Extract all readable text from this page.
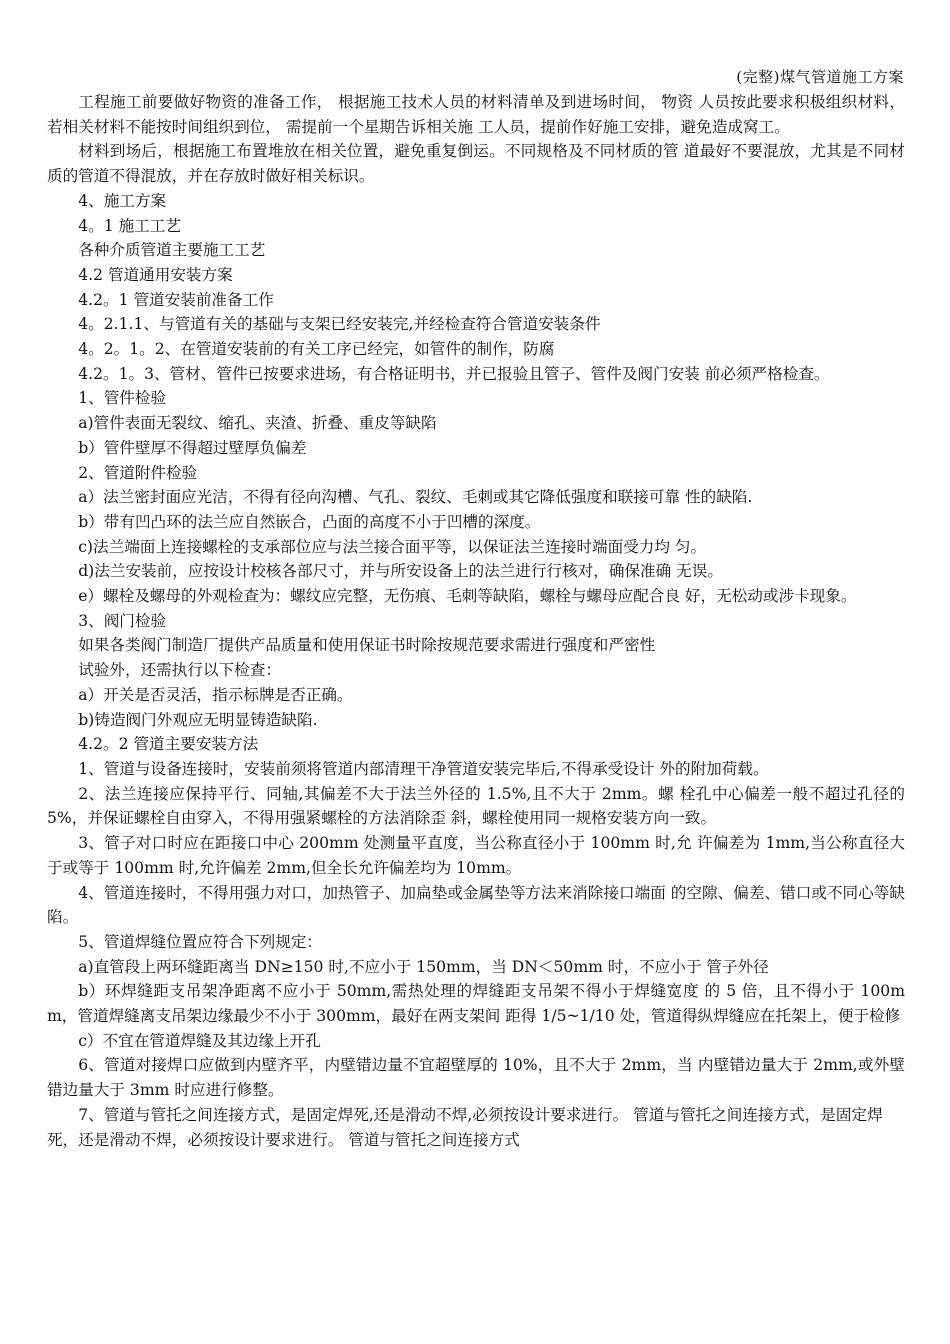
(完整)煤气管道施工方案

工程施工前要做好物资的准备工作， 根据施工技术人员的材料清单及到进场时间， 物资 人员按此要求积极组织材料， 若相关材料不能按时间组织到位， 需提前一个星期告诉相关施 工人员，提前作好施工安排，避免造成窝工。

材料到场后，根据施工布置堆放在相关位置，避免重复倒运。不同规格及不同材质的管 道最好不要混放，尤其是不同材质的管道不得混放，并在存放时做好相关标识。

4、施工方案

4。1 施工工艺

各种介质管道主要施工工艺

4.2 管道通用安装方案

4.2。1 管道安装前准备工作

4。2.1.1、与管道有关的基础与支架已经安装完,并经检查符合管道安装条件

4。2。1。2、在管道安装前的有关工序已经完，如管件的制作，防腐

4.2。1。3、管材、管件已按要求进场，有合格证明书，并已报验且管子、管件及阀门安装 前必须严格检查。

1、管件检验

a)管件表面无裂纹、缩孔、夹渣、折叠、重皮等缺陷

b）管件壁厚不得超过壁厚负偏差

2、管道附件检验

a）法兰密封面应光洁，不得有径向沟槽、气孔、裂纹、毛刺或其它降低强度和联接可靠 性的缺陷.

b）带有凹凸环的法兰应自然嵌合，凸面的高度不小于凹槽的深度。

c)法兰端面上连接螺栓的支承部位应与法兰接合面平等，以保证法兰连接时端面受力均 匀。

d)法兰安装前，应按设计校核各部尺寸，并与所安设备上的法兰进行行核对，确保准确 无误。

e）螺栓及螺母的外观检查为：螺纹应完整，无伤痕、毛刺等缺陷，螺栓与螺母应配合良 好，无松动或涉卡现象。

3、阀门检验

如果各类阀门制造厂提供产品质量和使用保证书时除按规范要求需进行强度和严密性

试验外，还需执行以下检查：

a）开关是否灵活，指示标牌是否正确。

b)铸造阀门外观应无明显铸造缺陷.

4.2。2 管道主要安装方法

1、管道与设备连接时，安装前须将管道内部清理干净管道安装完毕后,不得承受设计 外的附加荷载。

2、法兰连接应保持平行、同轴,其偏差不大于法兰外径的 1.5%,且不大于 2mm。螺 栓孔中心偏差一般不超过孔径的 5%，并保证螺栓自由穿入，不得用强紧螺栓的方法消除歪 斜，螺栓使用同一规格安装方向一致。

3、管子对口时应在距接口中心 200mm 处测量平直度，当公称直径小于 100mm 时,允 许偏差为 1mm,当公称直径大于或等于 100mm 时,允许偏差 2mm,但全长允许偏差均为 10mm。

4、管道连接时，不得用强力对口，加热管子、加扁垫或金属垫等方法来消除接口端面 的空隙、偏差、错口或不同心等缺陷。

5、管道焊缝位置应符合下列规定：

a)直管段上两环缝距离当 DN≥150 时,不应小于 150mm，当 DN＜50mm 时，不应小于 管子外径

b）环焊缝距支吊架净距离不应小于 50mm,需热处理的焊缝距支吊架不得小于焊缝宽度 的 5 倍，且不得小于 100mm，管道焊缝离支吊架边缘最少不小于 300mm，最好在两支架间 距得 1/5~1/10 处，管道得纵焊缝应在托架上，便于检修

c）不宜在管道焊缝及其边缘上开孔

6、管道对接焊口应做到内壁齐平，内壁错边量不宜超壁厚的 10%，且不大于 2mm，当 内壁错边量大于 2mm,或外壁错边量大于 3mm 时应进行修整。

7、管道与管托之间连接方式，是固定焊死,还是滑动不焊,必须按设计要求进行。 管道与管托之间连接方式，是固定焊死，还是滑动不焊，必须按设计要求进行。 管道与管托之间连接方式
